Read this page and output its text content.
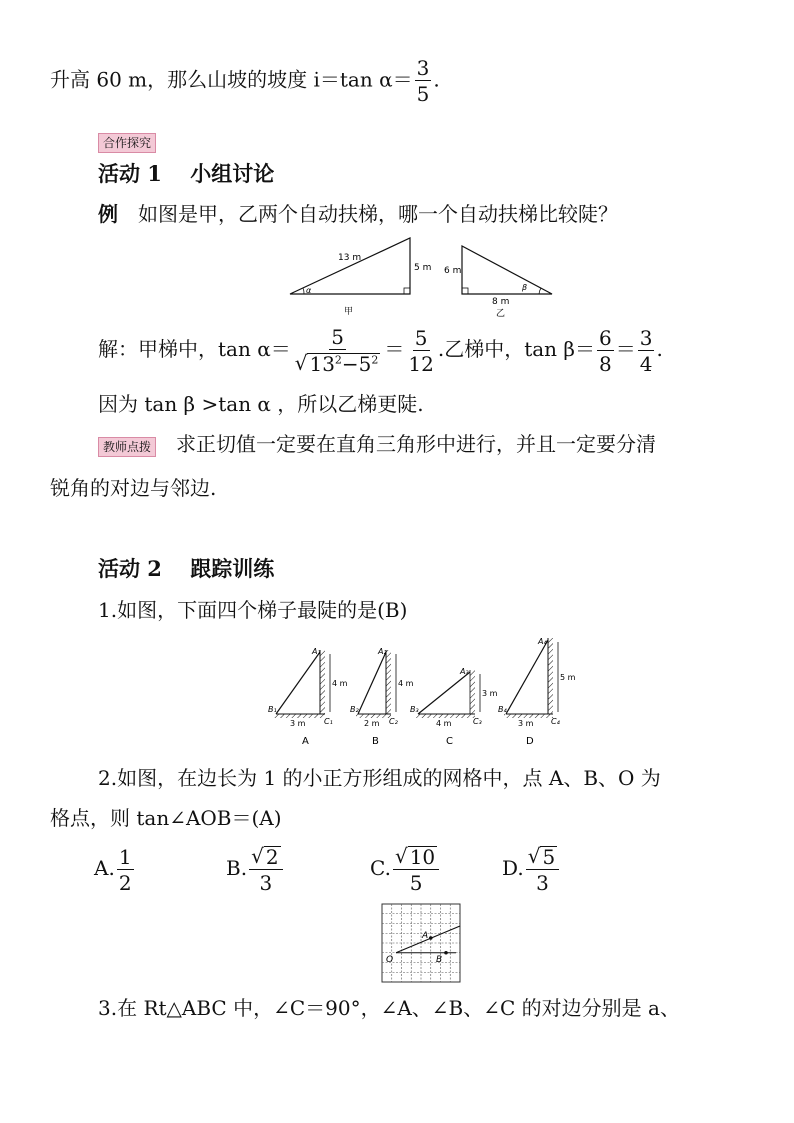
升高 60 m，那么山坡的坡度 i＝tan $\alpha= \frac{3}{5}$ .
合作探究
活动 1　 小组讨论
例　如图是甲，乙两个自动扶梯，哪一个自动扶梯比较陡？
13 m
5 m
α
甲
6 m
8 m
β
乙
解：甲梯中，$\tan \alpha= \frac{5}{√ 13^2-5^2} = \frac{5}{12}$ .乙梯中，$\tan \beta= \frac{6}{8} = \frac{3}{4}$ .
因为 tan β >tan α ，所以乙梯更陡.
教师点拨　求正切值一定要在直角三角形中进行，并且一定要分清
锐角的对边与邻边.
活动 2　 跟踪训练
1.如图，下面四个梯子最陡的是(B)
A₁
4 m
B₁
3 m C₁
A
A₂
4 m
B₂
2 m C₂
B
A₃
3 m
B₃
4 m	C₃
C
A₄
5 m
B₄
3 m C₄
D
2.如图，在边长为 1 的小正方形组成的网格中，点 A、B、O 为
格点，则 tan∠AOB＝(A)
A. $\frac{1}{2}$	B. $\frac{√ 2}{3}$	C. $\frac{√ 10}{5}$	D. $\frac{√ 5}{3}$
O
A
B
3.在 Rt△ABC 中，∠C＝90°，∠A、∠B、∠C 的对边分别是 a、
